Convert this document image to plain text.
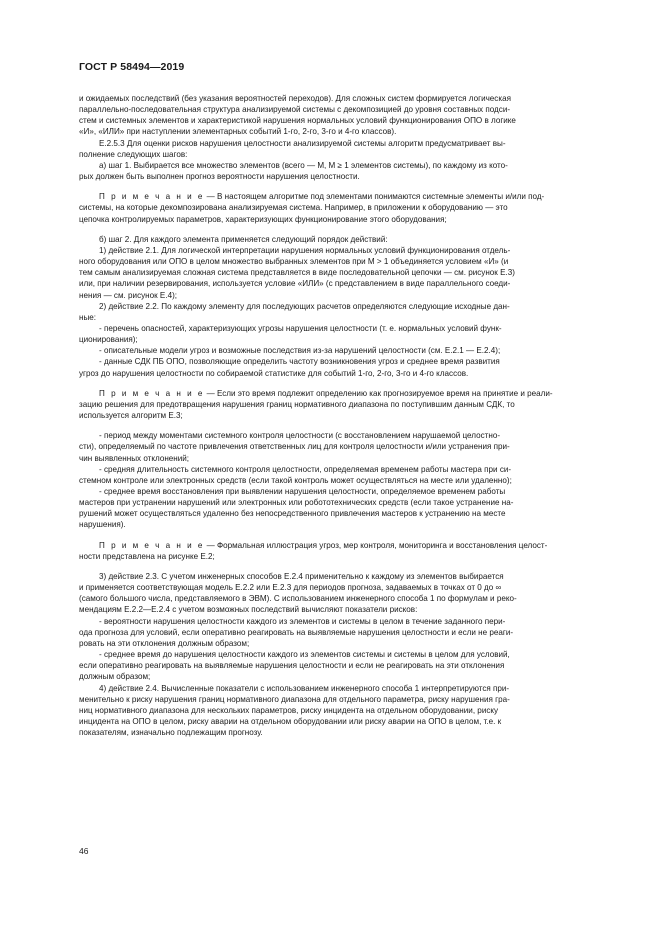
ГОСТ Р 58494—2019

и ожидаемых последствий (без указания вероятностей переходов). Для сложных систем формируется логическая
параллельно-последовательная структура анализируемой системы с декомпозицией до уровня составных подси-
стем и системных элементов и характеристикой нарушения нормальных условий функционирования ОПО в логике
«И», «ИЛИ» при наступлении элементарных событий 1-го, 2-го, 3-го и 4-го классов).

Е.2.5.3 Для оценки рисков нарушения целостности анализируемой системы алгоритм предусматривает вы-
полнение следующих шагов:

а) шаг 1. Выбирается все множество элементов (всего — M, M ≥ 1 элементов системы), по каждому из кото-
рых должен быть выполнен прогноз вероятности нарушения целостности.

П р и м е ч а н и е — В настоящем алгоритме под элементами понимаются системные элементы и/или под-
системы, на которые декомпозирована анализируемая система. Например, в приложении к оборудованию — это
цепочка контролируемых параметров, характеризующих функционирование этого оборудования;

б) шаг 2. Для каждого элемента применяется следующий порядок действий:

1) действие 2.1. Для логической интерпретации нарушения нормальных условий функционирования отдель-
ного оборудования или ОПО в целом множество выбранных элементов при M > 1 объединяется условием «И» (и
тем самым анализируемая сложная система представляется в виде последовательной цепочки — см. рисунок Е.3)
или, при наличии резервирования, используется условие «ИЛИ» (с представлением в виде параллельного соеди-
нения — см. рисунок Е.4);

2) действие 2.2. По каждому элементу для последующих расчетов определяются следующие исходные дан-
ные:

- перечень опасностей, характеризующих угрозы нарушения целостности (т. е. нормальных условий функ-
ционирования);

- описательные модели угроз и возможные последствия из-за нарушений целостности (см. Е.2.1 — Е.2.4);

- данные СДК ПБ ОПО, позволяющие определить частоту возникновения угроз и среднее время развития
угроз до нарушения целостности по собираемой статистике для событий 1-го, 2-го, 3-го и 4-го классов.

П р и м е ч а н и е — Если это время подлежит определению как прогнозируемое время на принятие и реали-
зацию решения для предотвращения нарушения границ нормативного диапазона по поступившим данным СДК, то
используется алгоритм Е.3;

- период между моментами системного контроля целостности (с восстановлением нарушаемой целостно-
сти), определяемый по частоте привлечения ответственных лиц для контроля целостности и/или устранения при-
чин выявленных отклонений;

- средняя длительность системного контроля целостности, определяемая временем работы мастера при си-
стемном контроле или электронных средств (если такой контроль может осуществляться на месте или удаленно);

- среднее время восстановления при выявлении нарушения целостности, определяемое временем работы
мастеров при устранении нарушений или электронных или робототехнических средств (если такое устранение на-
рушений может осуществляться удаленно без непосредственного привлечения мастеров к устранению на месте
нарушения).

П р и м е ч а н и е — Формальная иллюстрация угроз, мер контроля, мониторинга и восстановления целост-
ности представлена на рисунке Е.2;

3) действие 2.3. С учетом инженерных способов Е.2.4 применительно к каждому из элементов выбирается
и применяется соответствующая модель Е.2.2 или Е.2.3 для периодов прогноза, задаваемых в точках от 0 до ∞
(самого большого числа, представляемого в ЭВМ). С использованием инженерного способа 1 по формулам и реко-
мендациям Е.2.2—Е.2.4 с учетом возможных последствий вычисляют показатели рисков:

- вероятности нарушения целостности каждого из элементов и системы в целом в течение заданного пери-
ода прогноза для условий, если оперативно реагировать на выявляемые нарушения целостности и если не реаги-
ровать на эти отклонения должным образом;

- среднее время до нарушения целостности каждого из элементов системы и системы в целом для условий,
если оперативно реагировать на выявляемые нарушения целостности и если не реагировать на эти отклонения
должным образом;

4) действие 2.4. Вычисленные показатели с использованием инженерного способа 1 интерпретируются при-
менительно к риску нарушения границ нормативного диапазона для отдельного параметра, риску нарушения гра-
ниц нормативного диапазона для нескольких параметров, риску инцидента на отдельном оборудовании, риску
инцидента на ОПО в целом, риску аварии на отдельном оборудовании или риску аварии на ОПО в целом, т.е. к
показателям, изначально подлежащим прогнозу.

46
